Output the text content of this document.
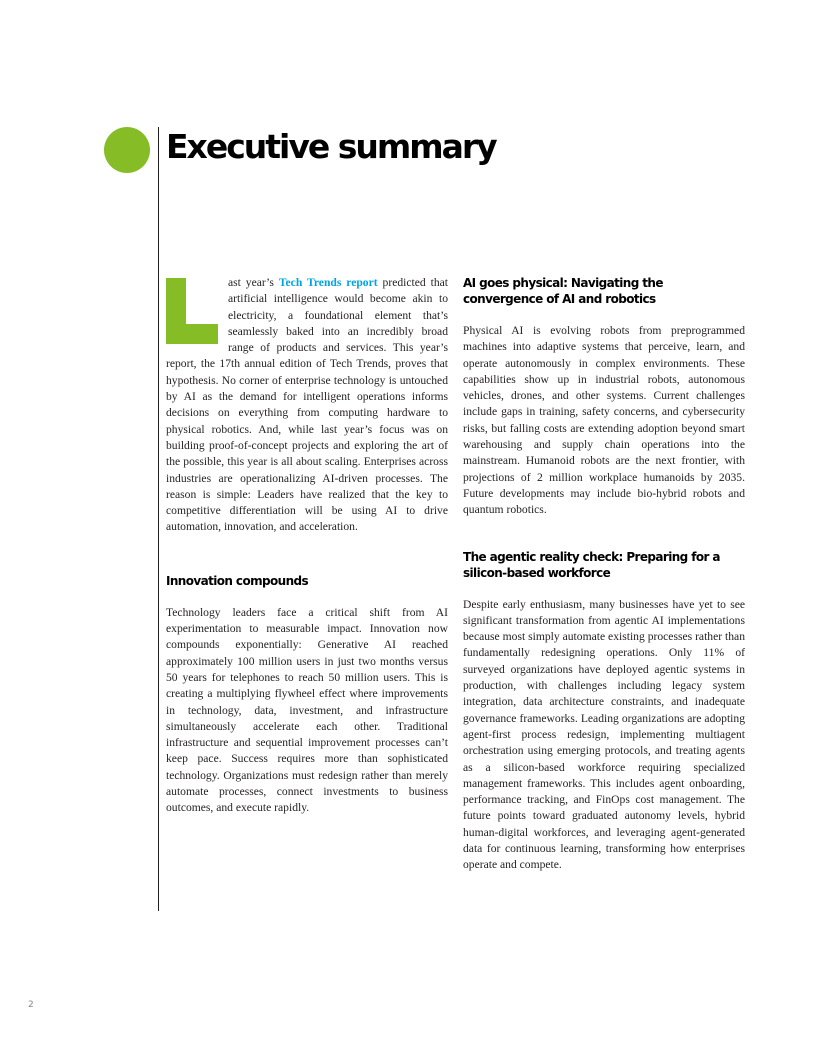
Executive summary

ast year’s Tech Trends report predicted that artificial intelligence would become akin to electricity, a foundational element that’s seamlessly baked into an incredibly broad range of products and services. This year’s report, the 17th annual edition of Tech Trends, proves that hypothesis. No corner of enterprise technology is untouched by AI as the demand for intelligent operations informs decisions on everything from computing hardware to physical robotics. And, while last year’s focus was on building proof-of-concept projects and exploring the art of the possible, this year is all about scaling. Enterprises across industries are operationalizing AI-driven processes. The reason is simple: Leaders have realized that the key to competitive differentiation will be using AI to drive automation, innovation, and acceleration.

Innovation compounds

Technology leaders face a critical shift from AI experimentation to measurable impact. Innovation now compounds exponentially: Generative AI reached approximately 100 million users in just two months versus 50 years for telephones to reach 50 million users. This is creating a multiplying flywheel effect where improvements in technology, data, investment, and infrastructure simultaneously accelerate each other. Traditional infrastructure and sequential improvement processes can’t keep pace. Success requires more than sophisticated technology. Organizations must redesign rather than merely automate processes, connect investments to business outcomes, and execute rapidly.

AI goes physical: Navigating the convergence of AI and robotics

Physical AI is evolving robots from preprogrammed machines into adaptive systems that perceive, learn, and operate autonomously in complex environments. These capabilities show up in industrial robots, autonomous vehicles, drones, and other systems. Current challenges include gaps in training, safety concerns, and cybersecurity risks, but falling costs are extending adoption beyond smart warehousing and supply chain operations into the mainstream. Humanoid robots are the next frontier, with projections of 2 million workplace humanoids by 2035. Future developments may include bio-hybrid robots and quantum robotics.

The agentic reality check: Preparing for a silicon-based workforce

Despite early enthusiasm, many businesses have yet to see significant transformation from agentic AI implementations because most simply automate existing processes rather than fundamentally redesigning operations. Only 11% of surveyed organizations have deployed agentic systems in production, with challenges including legacy system integration, data architecture constraints, and inadequate governance frameworks. Leading organizations are adopting agent-first process redesign, implementing multiagent orchestration using emerging protocols, and treating agents as a silicon-based workforce requiring specialized management frameworks. This includes agent onboarding, performance tracking, and FinOps cost management. The future points toward graduated autonomy levels, hybrid human-digital workforces, and leveraging agent-generated data for continuous learning, transforming how enterprises operate and compete.

2
